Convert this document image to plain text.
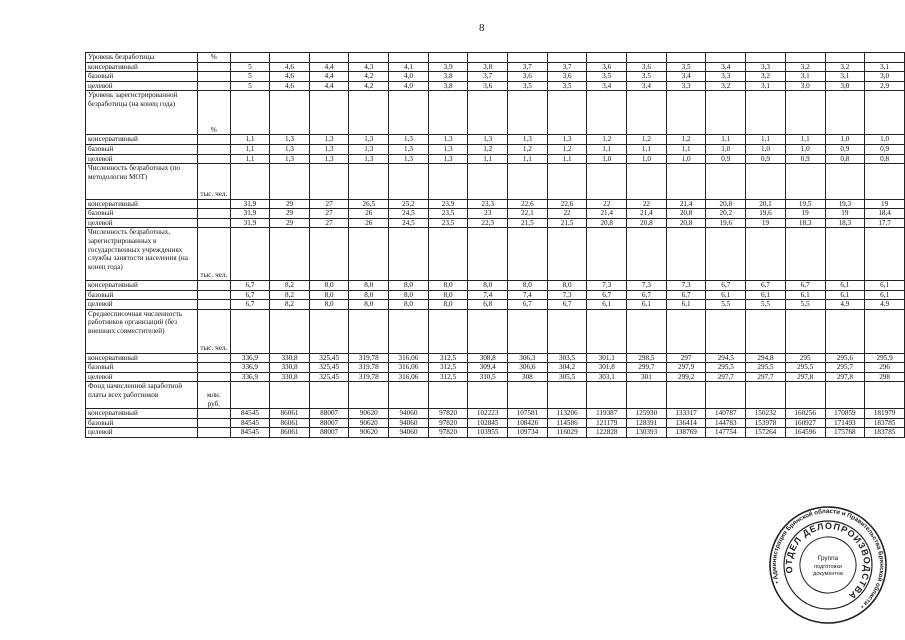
8
Уровень безработицы	%																	
консервативный		5	4,6	4,4	4,3	4,1	3,9	3,8	3,7	3,7	3,6	3,6	3,5	3,4	3,3	3,2	3,2	3,1
базовый		5	4,6	4,4	4,2	4,0	3,8	3,7	3,6	3,6	3,5	3,5	3,4	3,3	3,2	3,1	3,1	3,0
целевой		5	4,6	4,4	4,2	4,0	3,8	3,6	3,5	3,5	3,4	3,4	3,3	3,2	3,1	3,0	3,0	2,9
Уровень зарегистрированной безработицы (на конец года)	%																	
консервативный		1,1	1,3	1,3	1,3	1,3	1,3	1,3	1,3	1,3	1,2	1,2	1,2	1,1	1,1	1,1	1,0	1,0
базовый		1,1	1,3	1,3	1,3	1,3	1,3	1,2	1,2	1,2	1,1	1,1	1,1	1,0	1,0	1,0	0,9	0,9
целевой		1,1	1,3	1,3	1,3	1,3	1,3	1,1	1,1	1,1	1,0	1,0	1,0	0,9	0,9	0,9	0,8	0,8
Численность безработных (по методологии МОТ)	тыс. чел.																	
консервативный		31,9	29	27	26,5	25,2	23,9	23,3	22,6	22,6	22	22	21,4	20,8	20,1	19,5	19,3	19
базовый		31,9	29	27	26	24,5	23,5	23	22,1	22	21,4	21,4	20,8	20,2	19,6	19	19	18,4
целевой		31,9	29	27	26	24,5	23,5	22,3	21,5	21,5	20,8	20,8	20,8	19,6	19	18,3	18,3	17,7
Численность безработных, зарегистрированных в государственных учреждениях службы занятости населения (на конец года)	тыс. чел.																	
консервативный		6,7	8,2	8,0	8,0	8,0	8,0	8,0	8,0	8,0	7,3	7,3	7,3	6,7	6,7	6,7	6,1	6,1
базовый		6,7	8,2	8,0	8,0	8,0	8,0	7,4	7,4	7,3	6,7	6,7	6,7	6,1	6,1	6,1	6,1	6,1
целевой		6,7	8,2	8,0	8,0	8,0	8,0	6,8	6,7	6,7	6,1	6,1	6,1	5,5	5,5	5,5	4,9	4,9
Среднесписочная численность работников организаций (без внешних совместителей)	тыс. чел.																	
консервативный		336,9	330,8	325,45	319,78	316,06	312,5	308,8	306,3	303,5	301,1	298,5	297	294,5	294,8	295	295,6	295,9
базовый		336,9	330,8	325,45	319,78	316,06	312,5	309,4	306,6	304,2	301,8	299,7	297,9	295,5	295,5	295,5	295,7	296
целевой		336,9	330,8	325,45	319,78	316,06	312,5	310,5	308	305,5	303,1	301	299,2	297,7	297,7	297,8	297,8	298
Фонд начисленной заработной платы всех работников	млн. руб.																	
консервативный		84545	86061	88007	90620	94060	97820	102223	107581	113206	119387	125930	133317	140787	150232	160256	170859	181979
базовый		84545	86061	88007	90620	94060	97820	102845	108426	114586	121179	128391	136414	144783	153978	160927	171493	183785
целевой		84545	86061	88007	90620	94060	97820	103955	109734	116029	122828	130393	138769	147754	157264	164596	175768	183785
• Администрация Брянской области и Правительства Брянской области •
ОТДЕЛ ДЕЛОПРОИЗВОДСТВА
Группа
подготовки
документов
